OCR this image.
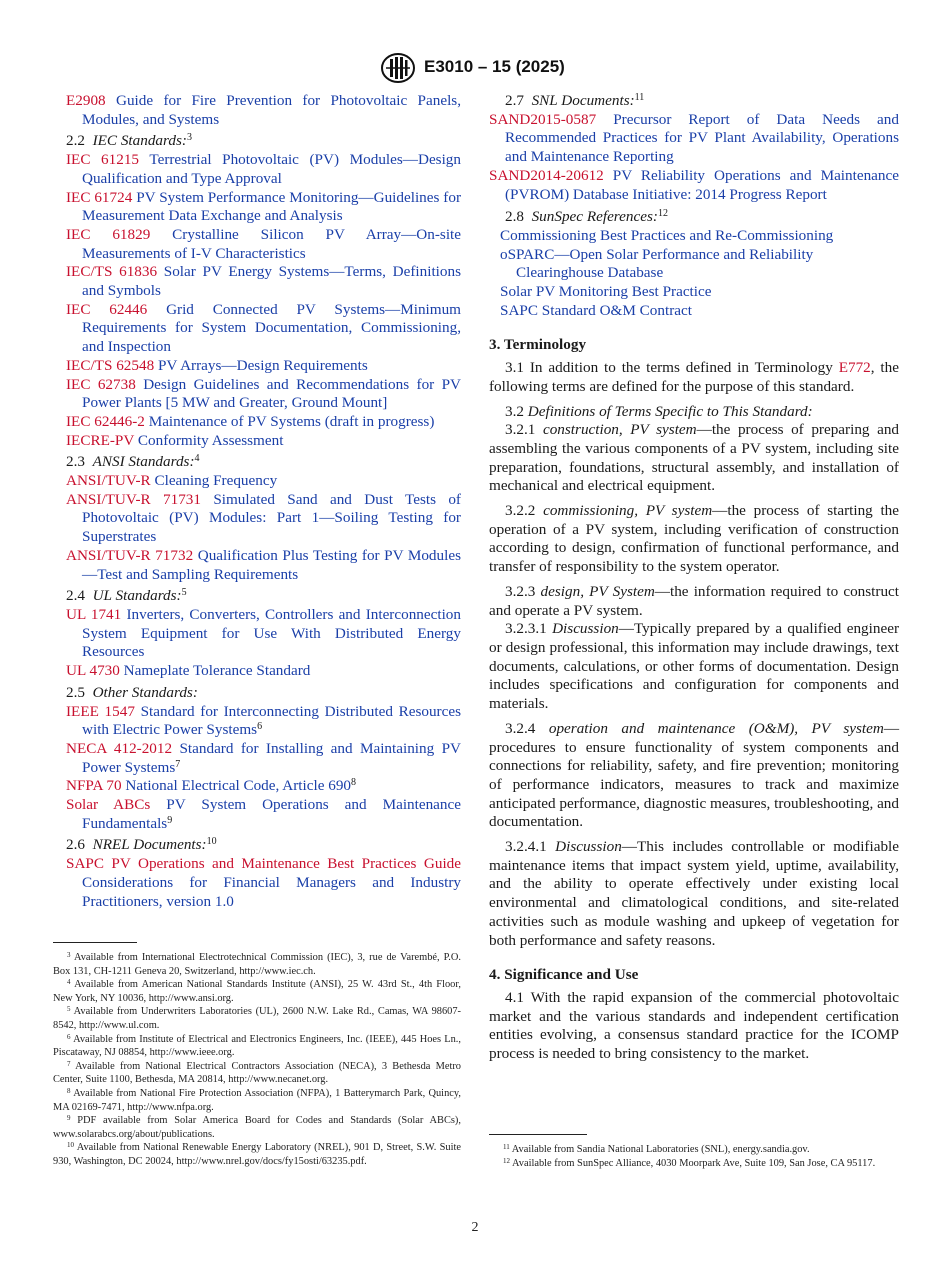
E3010 – 15 (2025)
E2908 Guide for Fire Prevention for Photovoltaic Panels, Modules, and Systems
2.2 IEC Standards:$^3$
IEC 61215 Terrestrial Photovoltaic (PV) Modules—Design Qualification and Type Approval
IEC 61724 PV System Performance Monitoring—Guidelines for Measurement Data Exchange and Analysis
IEC 61829 Crystalline Silicon PV Array—On-site Measurements of I-V Characteristics
IEC/TS 61836 Solar PV Energy Systems—Terms, Definitions and Symbols
IEC 62446 Grid Connected PV Systems—Minimum Requirements for System Documentation, Commissioning, and Inspection
IEC/TS 62548 PV Arrays—Design Requirements
IEC 62738 Design Guidelines and Recommendations for PV Power Plants [5 MW and Greater, Ground Mount]
IEC 62446-2 Maintenance of PV Systems (draft in progress)
IECRE-PV Conformity Assessment
2.3 ANSI Standards:$^4$
ANSI/TUV-R Cleaning Frequency
ANSI/TUV-R 71731 Simulated Sand and Dust Tests of Photovoltaic (PV) Modules: Part 1—Soiling Testing for Superstrates
ANSI/TUV-R 71732 Qualification Plus Testing for PV Modules—Test and Sampling Requirements
2.4 UL Standards:$^5$
UL 1741 Inverters, Converters, Controllers and Interconnection System Equipment for Use With Distributed Energy Resources
UL 4730 Nameplate Tolerance Standard
2.5 Other Standards:
IEEE 1547 Standard for Interconnecting Distributed Resources with Electric Power Systems$^6$
NECA 412-2012 Standard for Installing and Maintaining PV Power Systems$^7$
NFPA 70 National Electrical Code, Article $690^8$
Solar ABCs PV System Operations and Maintenance Fundamentals$^9$
2.6 NREL Documents:$^{10}$
SAPC PV Operations and Maintenance Best Practices Guide Considerations for Financial Managers and Industry Practitioners, version 1.0

$^3$ Available from International Electrotechnical Commission (IEC), 3, rue de Varembé, P.O. Box 131, CH-1211 Geneva 20, Switzerland, http://www.iec.ch.

$^4$ Available from American National Standards Institute (ANSI), 25 W. 43rd St., 4th Floor, New York, NY 10036, http://www.ansi.org.

$^5$ Available from Underwriters Laboratories (UL), 2600 N.W. Lake Rd., Camas, WA 98607-8542, http://www.ul.com.

$^6$ Available from Institute of Electrical and Electronics Engineers, Inc. (IEEE), 445 Hoes Ln., Piscataway, NJ 08854, http://www.ieee.org.

$^7$ Available from National Electrical Contractors Association (NECA), 3 Bethesda Metro Center, Suite 1100, Bethesda, MA 20814, http://www.necanet.org.

$^8$ Available from National Fire Protection Association (NFPA), 1 Batterymarch Park, Quincy, MA 02169-7471, http://www.nfpa.org.

$^9$ PDF available from Solar America Board for Codes and Standards (Solar ABCs), www.solarabcs.org/about/publications.

$^{10}$ Available from National Renewable Energy Laboratory (NREL), 901 D, Street, S.W. Suite 930, Washington, DC 20024, http://www.nrel.gov/docs/fy15osti/63235.pdf.

2.7 SNL Documents:$^{11}$
SAND2015-0587 Precursor Report of Data Needs and Recommended Practices for PV Plant Availability, Operations and Maintenance Reporting
SAND2014-20612 PV Reliability Operations and Maintenance (PVROM) Database Initiative: 2014 Progress Report
2.8 SunSpec References:$^{12}$
Commissioning Best Practices and Re-Commissioning
oSPARC—Open Solar Performance and Reliability Clearinghouse Database
Solar PV Monitoring Best Practice
SAPC Standard O&M Contract
3. Terminology

3.1 In addition to the terms defined in Terminology E772, the following terms are defined for the purpose of this standard.

3.2 Definitions of Terms Specific to This Standard:

3.2.1 construction, PV system—the process of preparing and assembling the various components of a PV system, including site preparation, foundations, structural assembly, and installation of mechanical and electrical equipment.

3.2.2 commissioning, PV system—the process of starting the operation of a PV system, including verification of construction according to design, confirmation of functional performance, and transfer of responsibility to the system operator.

3.2.3 design, PV System—the information required to construct and operate a PV system.

3.2.3.1 Discussion—Typically prepared by a qualified engineer or design professional, this information may include drawings, text documents, calculations, or other forms of documentation. Design includes specifications and configuration for components and materials.

3.2.4 operation and maintenance (O&M), PV system—procedures to ensure functionality of system components and connections for reliability, safety, and fire prevention; monitoring of performance indicators, measures to track and maximize anticipated performance, diagnostic measures, troubleshooting, and documentation.

3.2.4.1 Discussion—This includes controllable or modifiable maintenance items that impact system yield, uptime, availability, and the ability to operate effectively under existing local environmental and climatological conditions, and site-related activities such as module washing and upkeep of vegetation for both performance and safety reasons.

4. Significance and Use

4.1 With the rapid expansion of the commercial photovoltaic market and the various standards and independent certification entities evolving, a consensus standard practice for the ICOMP process is needed to bring consistency to the market.

$^{11}$ Available from Sandia National Laboratories (SNL), energy.sandia.gov.

$^{12}$ Available from SunSpec Alliance, 4030 Moorpark Ave, Suite 109, San Jose, CA 95117.

2
